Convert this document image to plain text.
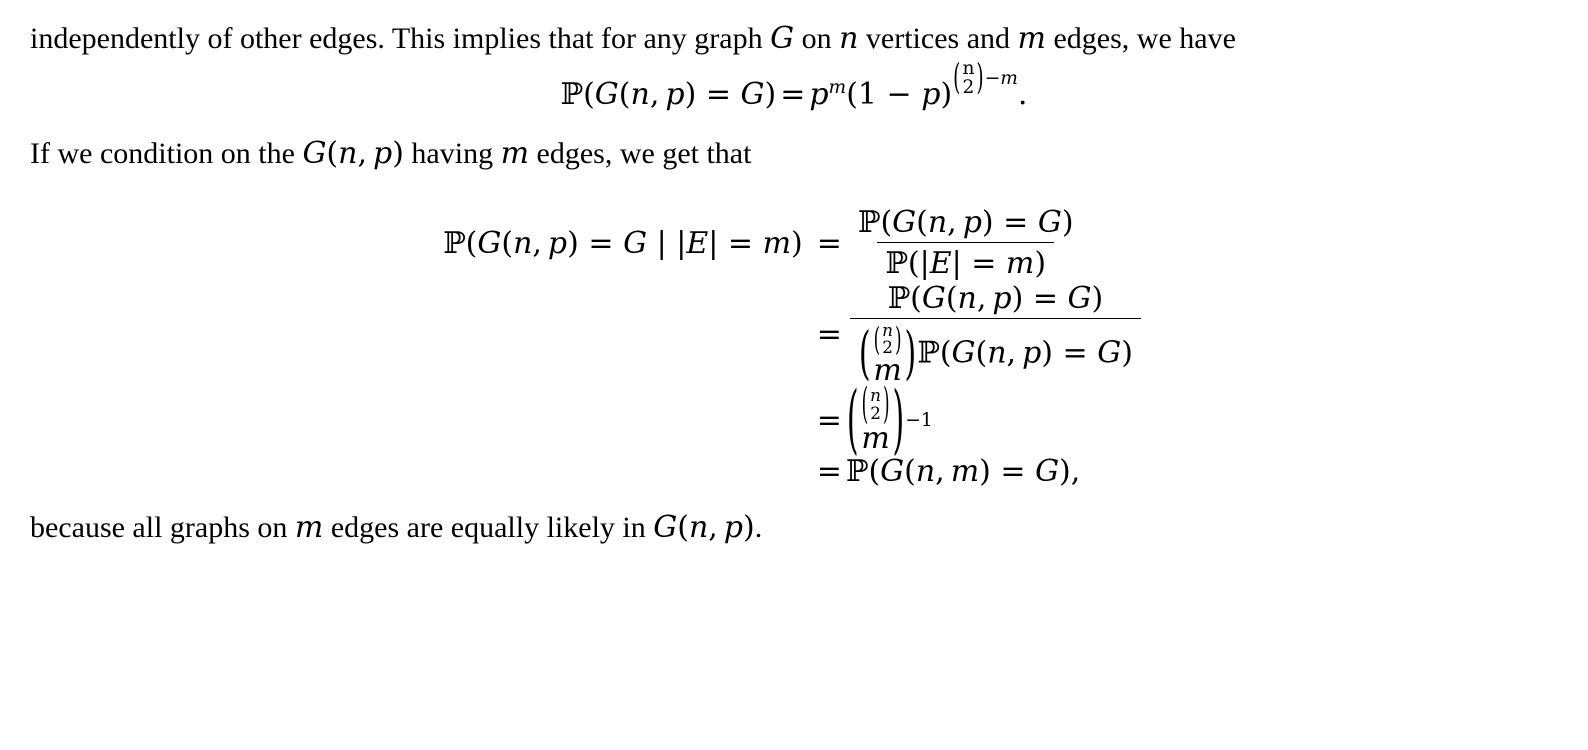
independently of other edges. This implies that for any graph G on n vertices and m edges, we have

ℙ(G(n, $p) = G) = p^m(1 - p)$ ( n
2 ) −m.

If we condition on the G(n, p) having m edges, we get that

ℙ(G(n, p) = G | $|E| = m) = \frac{\text{ℙ(G(n, p) = G)}}{\text{ℙ(|E| = m)}}$
= ℙ(G(n, p) = G)
( ( n
2 )
m ) ℙ(G(n, p) = G)
= ( ( n
2 )
m ) −1
= ℙ(G(n, m) = G),

because all graphs on m edges are equally likely in G(n, p).
